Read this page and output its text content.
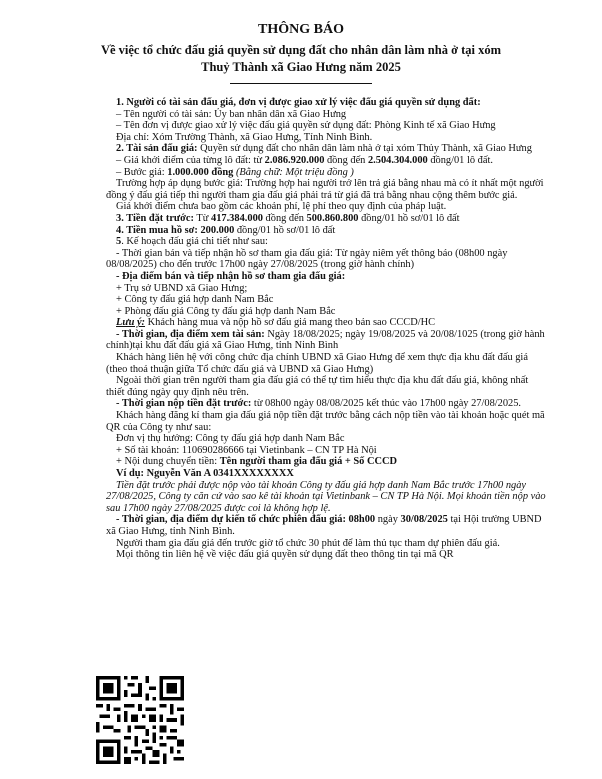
THÔNG BÁO
Về việc tổ chức đấu giá quyền sử dụng đất cho nhân dân làm nhà ở tại xóm
Thuỷ Thành xã Giao Hưng năm 2025

1. Người có tài sản đấu giá, đơn vị được giao xử lý việc đấu giá quyền sử dụng đất:

– Tên người có tài sản: Ủy ban nhân dân xã Giao Hưng

– Tên đơn vị được giao xử lý việc đấu giá quyền sử dụng đất: Phòng Kinh tế xã Giao Hưng

Địa chỉ: Xóm Trường Thành, xã Giao Hưng, Tỉnh Ninh Bình.

2. Tài sản đấu giá: Quyền sử dụng đất cho nhân dân làm nhà ở tại xóm Thủy Thành, xã Giao Hưng

– Giá khởi điểm của từng lô đất: từ 2.086.920.000 đồng đến 2.504.304.000 đồng/01 lô đất.

– Bước giá: 1.000.000 đồng (Bằng chữ: Một triệu đồng )

Trường hợp áp dụng bước giá: Trường hợp hai người trở lên trả giá bằng nhau mà có ít nhất một người đồng ý đấu giá tiếp thì người tham gia đấu giá phải trả từ giá đã trả bằng nhau cộng thêm bước giá.

Giá khởi điểm chưa bao gồm các khoản phí, lệ phí theo quy định của pháp luật.

3. Tiền đặt trước: Từ 417.384.000 đồng đến 500.860.800 đồng/01 hồ sơ/01 lô đất

4. Tiền mua hồ sơ: 200.000 đồng/01 hồ sơ/01 lô đất

5. Kế hoạch đấu giá chi tiết như sau:

- Thời gian bán và tiếp nhận hồ sơ tham gia đấu giá: Từ ngày niêm yết thông báo (08h00 ngày 08/08/2025) cho đến trước 17h00 ngày 27/08/2025 (trong giờ hành chính)

- Địa điểm bán và tiếp nhận hồ sơ tham gia đấu giá:

+ Trụ sở UBND xã Giao Hưng;

+ Công ty đấu giá hợp danh Nam Bắc

+ Phòng đấu giá Công ty đấu giá hợp danh Nam Bắc

Lưu ý: Khách hàng mua và nộp hồ sơ đấu giá mang theo bản sao CCCD/HC

- Thời gian, địa điểm xem tài sản: Ngày 18/08/2025; ngày 19/08/2025 và 20/08/1025 (trong giờ hành chính)tại khu đất đấu giá xã Giao Hưng, tỉnh Ninh Bình

Khách hàng liên hệ với công chức địa chính UBND xã Giao Hưng để xem thực địa khu đất đấu giá (theo thoả thuận giữa Tổ chức đấu giá và UBND xã Giao Hưng)

Ngoài thời gian trên người tham gia đấu giá có thể tự tìm hiểu thực địa khu đất đấu giá, không nhất thiết đúng ngày quy định nêu trên.

- Thời gian nộp tiền đặt trước: từ 08h00 ngày 08/08/2025 kết thúc vào 17h00 ngày 27/08/2025.

Khách hàng đăng kí tham gia đấu giá nộp tiền đặt trước bằng cách nộp tiền vào tài khoản hoặc quét mã QR của Công ty như sau:

Đơn vị thụ hưởng: Công ty đấu giá hợp danh Nam Bắc

+ Số tài khoản: 110690286666 tại Vietinbank – CN TP Hà Nội

+ Nội dung chuyển tiền: Tên người tham gia đấu giá + Số CCCD

Ví dụ: Nguyễn Văn A 0341XXXXXXXX

Tiền đặt trước phải được nộp vào tài khoản Công ty đấu giá hợp danh Nam Bắc trước 17h00 ngày 27/08/2025, Công ty căn cứ vào sao kê tài khoản tại Vietinbank – CN TP Hà Nội. Mọi khoản tiền nộp vào sau 17h00 ngày 27/08/2025 được coi là không hợp lệ.

- Thời gian, địa điểm dự kiến tổ chức phiên đấu giá: 08h00 ngày 30/08/2025 tại Hội trường UBND xã Giao Hưng, tỉnh Ninh Bình.

Người tham gia đấu giá đến trước giờ tổ chức 30 phút để làm thủ tục tham dự phiên đấu giá.

Mọi thông tin liên hệ về việc đấu giá quyền sử dụng đất theo thông tin tại mã QR
